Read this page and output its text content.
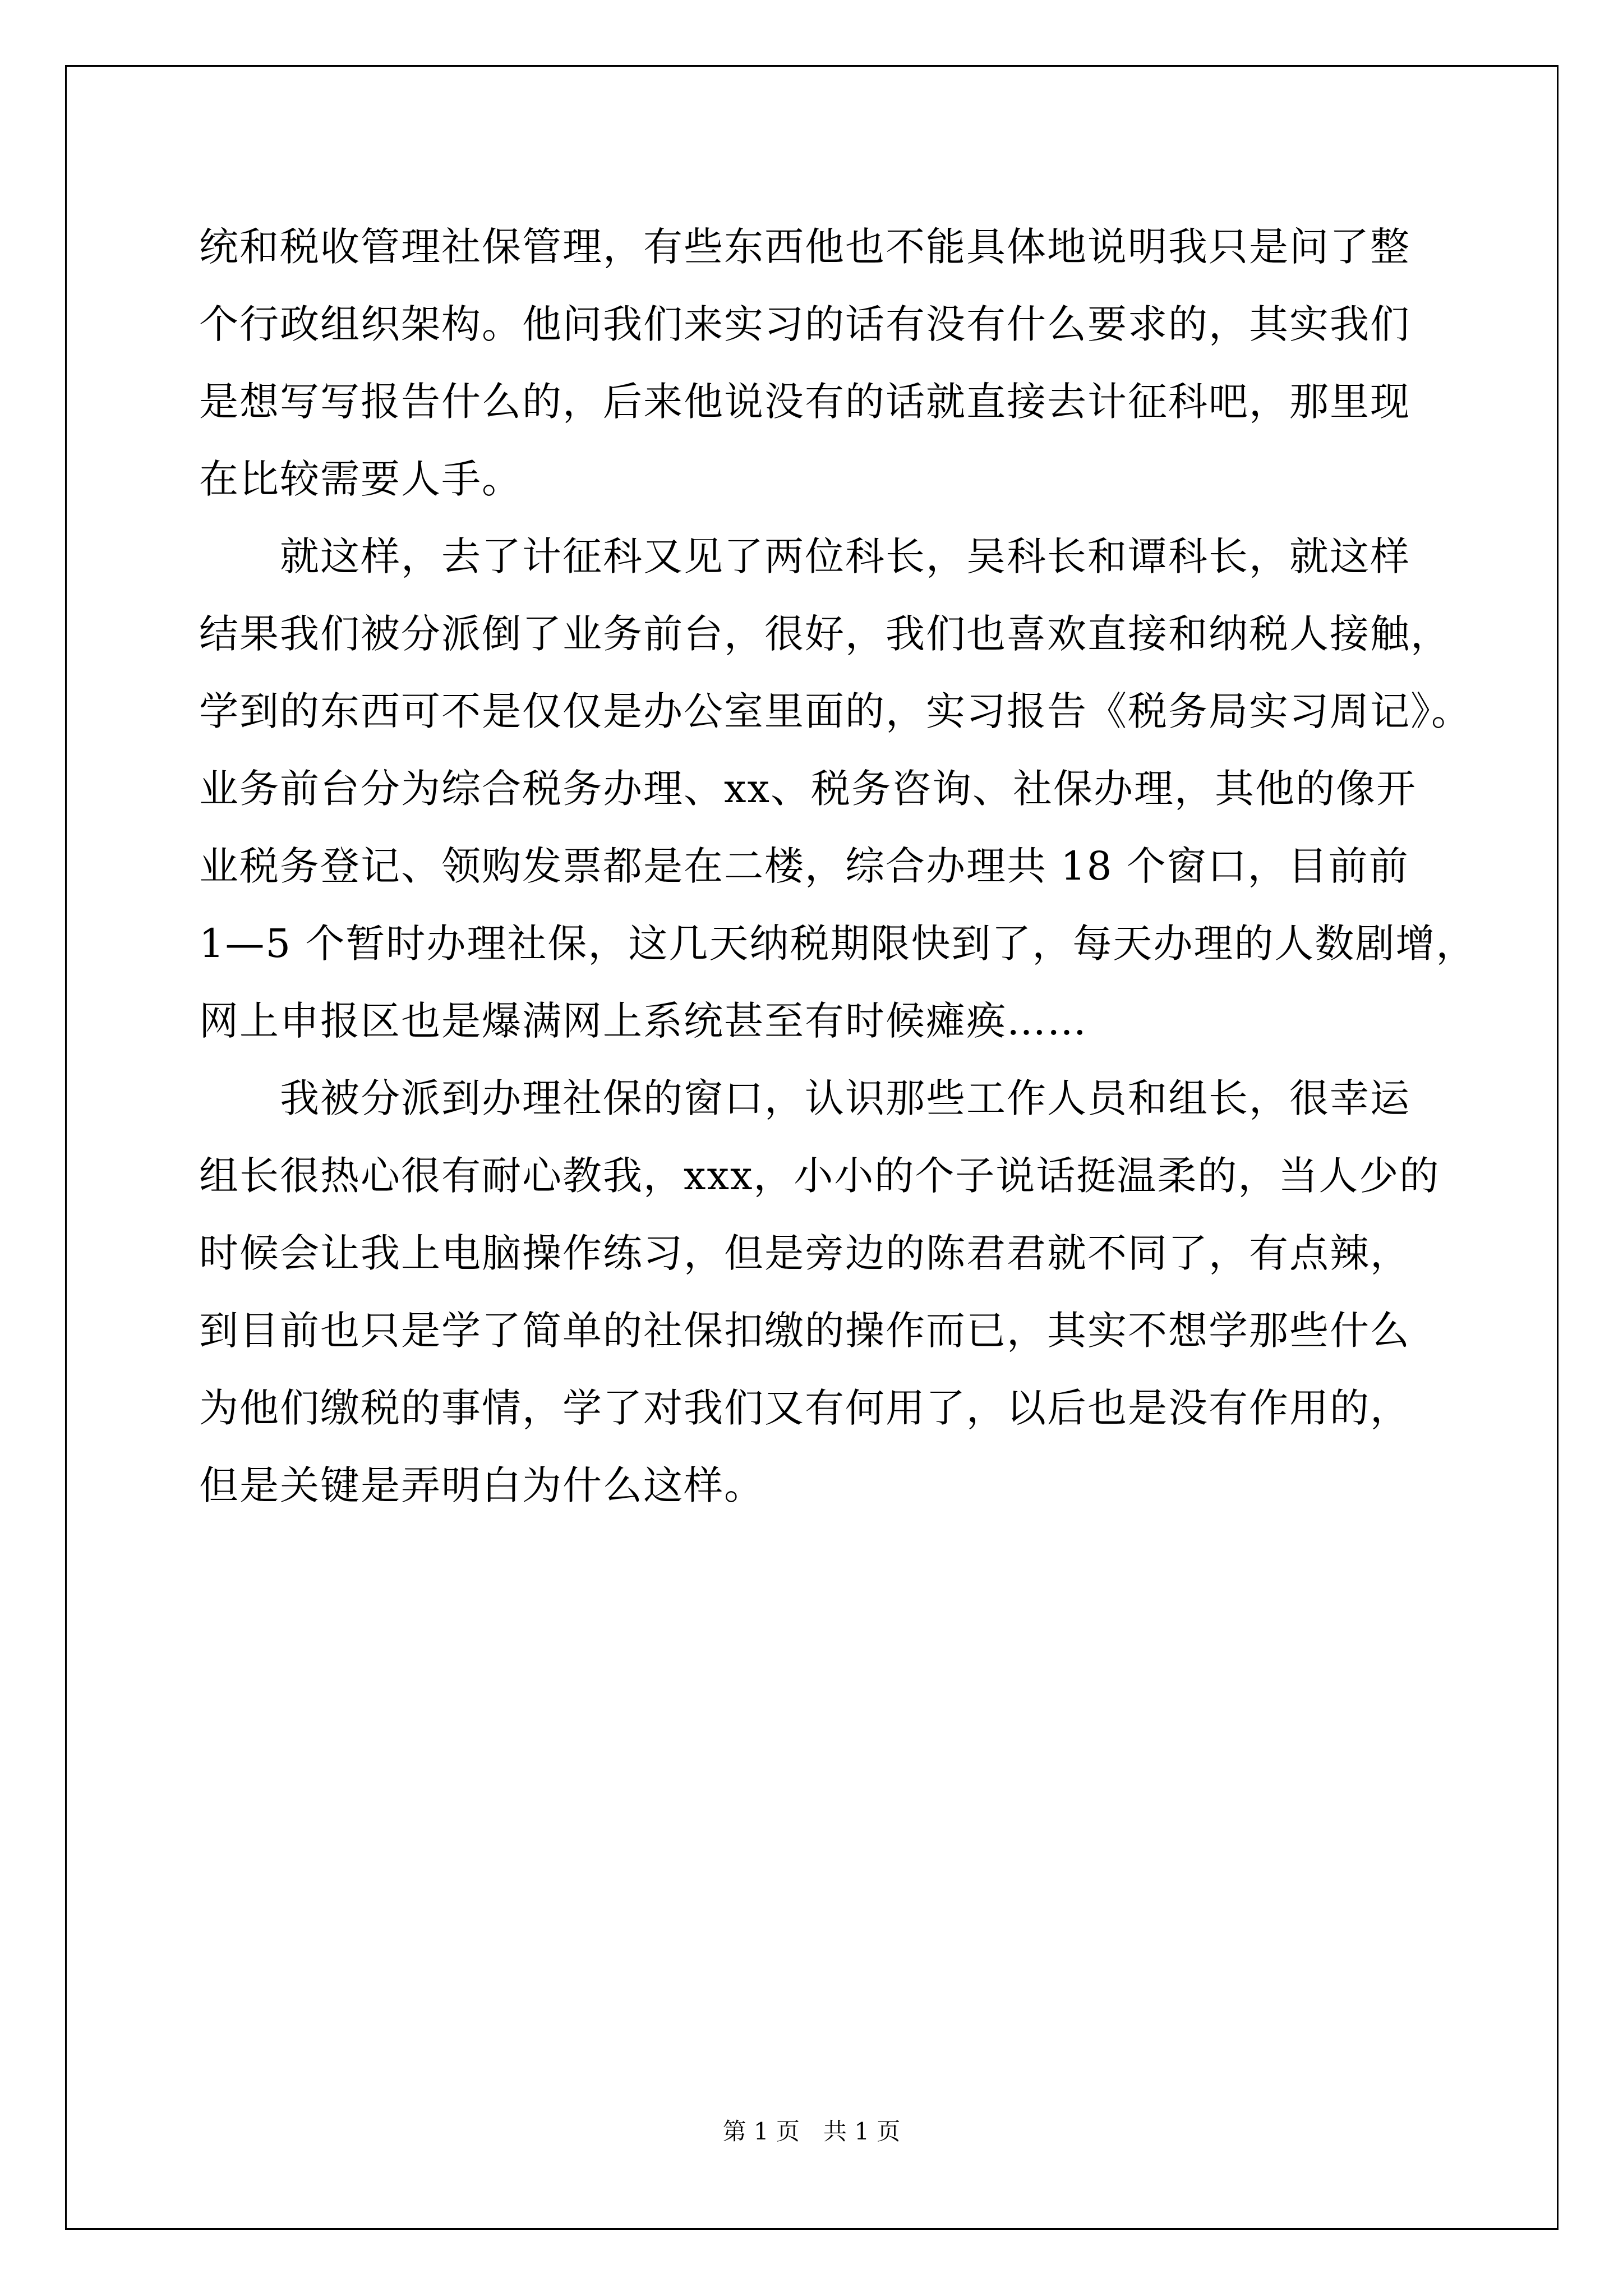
统和税收管理社保管理，有些东西他也不能具体地说明我只是问了整
个行政组织架构。他问我们来实习的话有没有什么要求的，其实我们
是想写写报告什么的，后来他说没有的话就直接去计征科吧，那里现
在比较需要人手。
　　就这样，去了计征科又见了两位科长，吴科长和谭科长，就这样
结果我们被分派倒了业务前台，很好，我们也喜欢直接和纳税人接触，
学到的东西可不是仅仅是办公室里面的，实习报告《税务局实习周记》。
业务前台分为综合税务办理、xx、税务咨询、社保办理，其他的像开
业税务登记、领购发票都是在二楼，综合办理共 18 个窗口，目前前
1—5 个暂时办理社保，这几天纳税期限快到了，每天办理的人数剧增，
网上申报区也是爆满网上系统甚至有时候瘫痪……
　　我被分派到办理社保的窗口，认识那些工作人员和组长，很幸运
组长很热心很有耐心教我，xxx，小小的个子说话挺温柔的，当人少的
时候会让我上电脑操作练习，但是旁边的陈君君就不同了，有点辣，
到目前也只是学了简单的社保扣缴的操作而已，其实不想学那些什么
为他们缴税的事情，学了对我们又有何用了，以后也是没有作用的，
但是关键是弄明白为什么这样。
第 1 页　共 1 页
